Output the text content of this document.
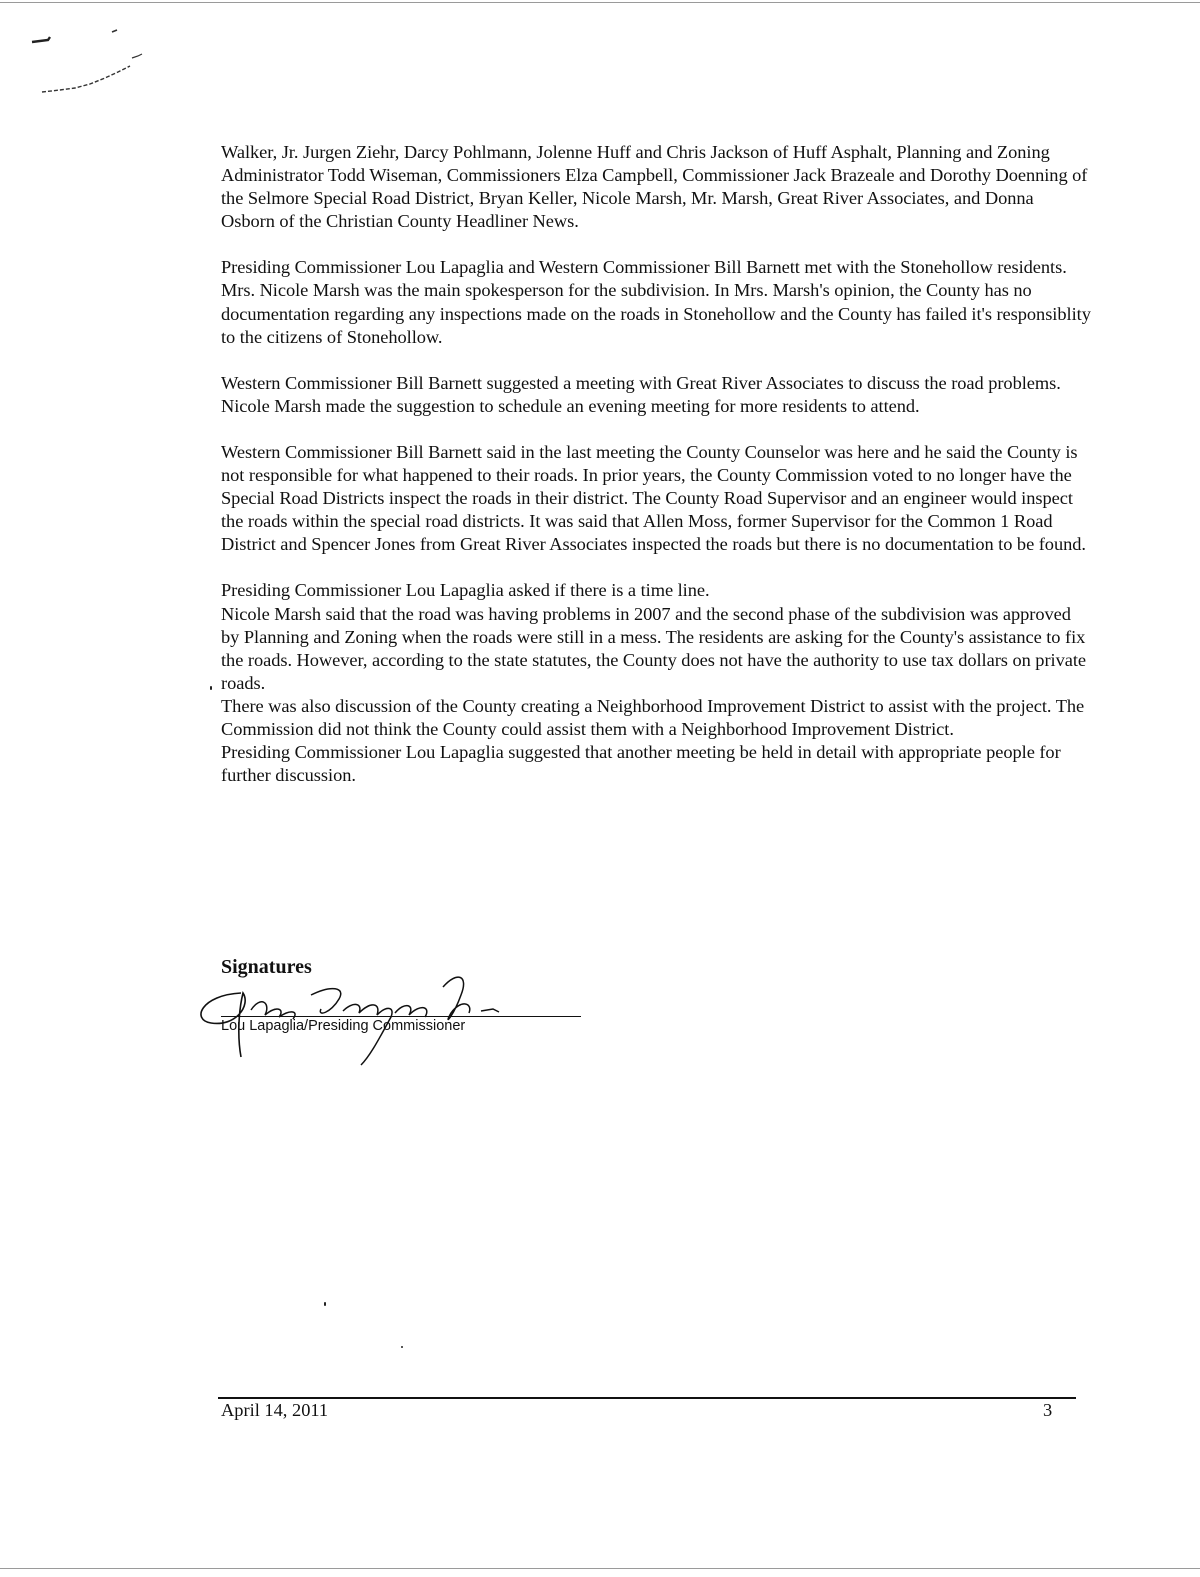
Walker, Jr. Jurgen Ziehr, Darcy Pohlmann, Jolenne Huff and Chris Jackson of Huff Asphalt, Planning and Zoning Administrator Todd Wiseman, Commissioners Elza Campbell, Commissioner Jack Brazeale and Dorothy Doenning of the Selmore Special Road District, Bryan Keller, Nicole Marsh, Mr. Marsh, Great River Associates, and Donna Osborn of the Christian County Headliner News.

Presiding Commissioner Lou Lapaglia and Western Commissioner Bill Barnett met with the Stonehollow residents. Mrs. Nicole Marsh was the main spokesperson for the subdivision. In Mrs. Marsh's opinion, the County has no documentation regarding any inspections made on the roads in Stonehollow and the County has failed it's responsiblity to the citizens of Stonehollow.

Western Commissioner Bill Barnett suggested a meeting with Great River Associates to discuss the road problems.

Nicole Marsh made the suggestion to schedule an evening meeting for more residents to attend.

Western Commissioner Bill Barnett said in the last meeting the County Counselor was here and he said the County is not responsible for what happened to their roads. In prior years, the County Commission voted to no longer have the Special Road Districts inspect the roads in their district. The County Road Supervisor and an engineer would inspect the roads within the special road districts. It was said that Allen Moss, former Supervisor for the Common 1 Road District and Spencer Jones from Great River Associates inspected the roads but there is no documentation to be found.

Presiding Commissioner Lou Lapaglia asked if there is a time line.

Nicole Marsh said that the road was having problems in 2007 and the second phase of the subdivision was approved by Planning and Zoning when the roads were still in a mess. The residents are asking for the County's assistance to fix the roads. However, according to the state statutes, the County does not have the authority to use tax dollars on private roads.

There was also discussion of the County creating a Neighborhood Improvement District to assist with the project. The Commission did not think the County could assist them with a Neighborhood Improvement District.

Presiding Commissioner Lou Lapaglia suggested that another meeting be held in detail with appropriate people for further discussion.

Signatures

Lou Lapaglia/Presiding Commissioner
April 14, 2011	3
